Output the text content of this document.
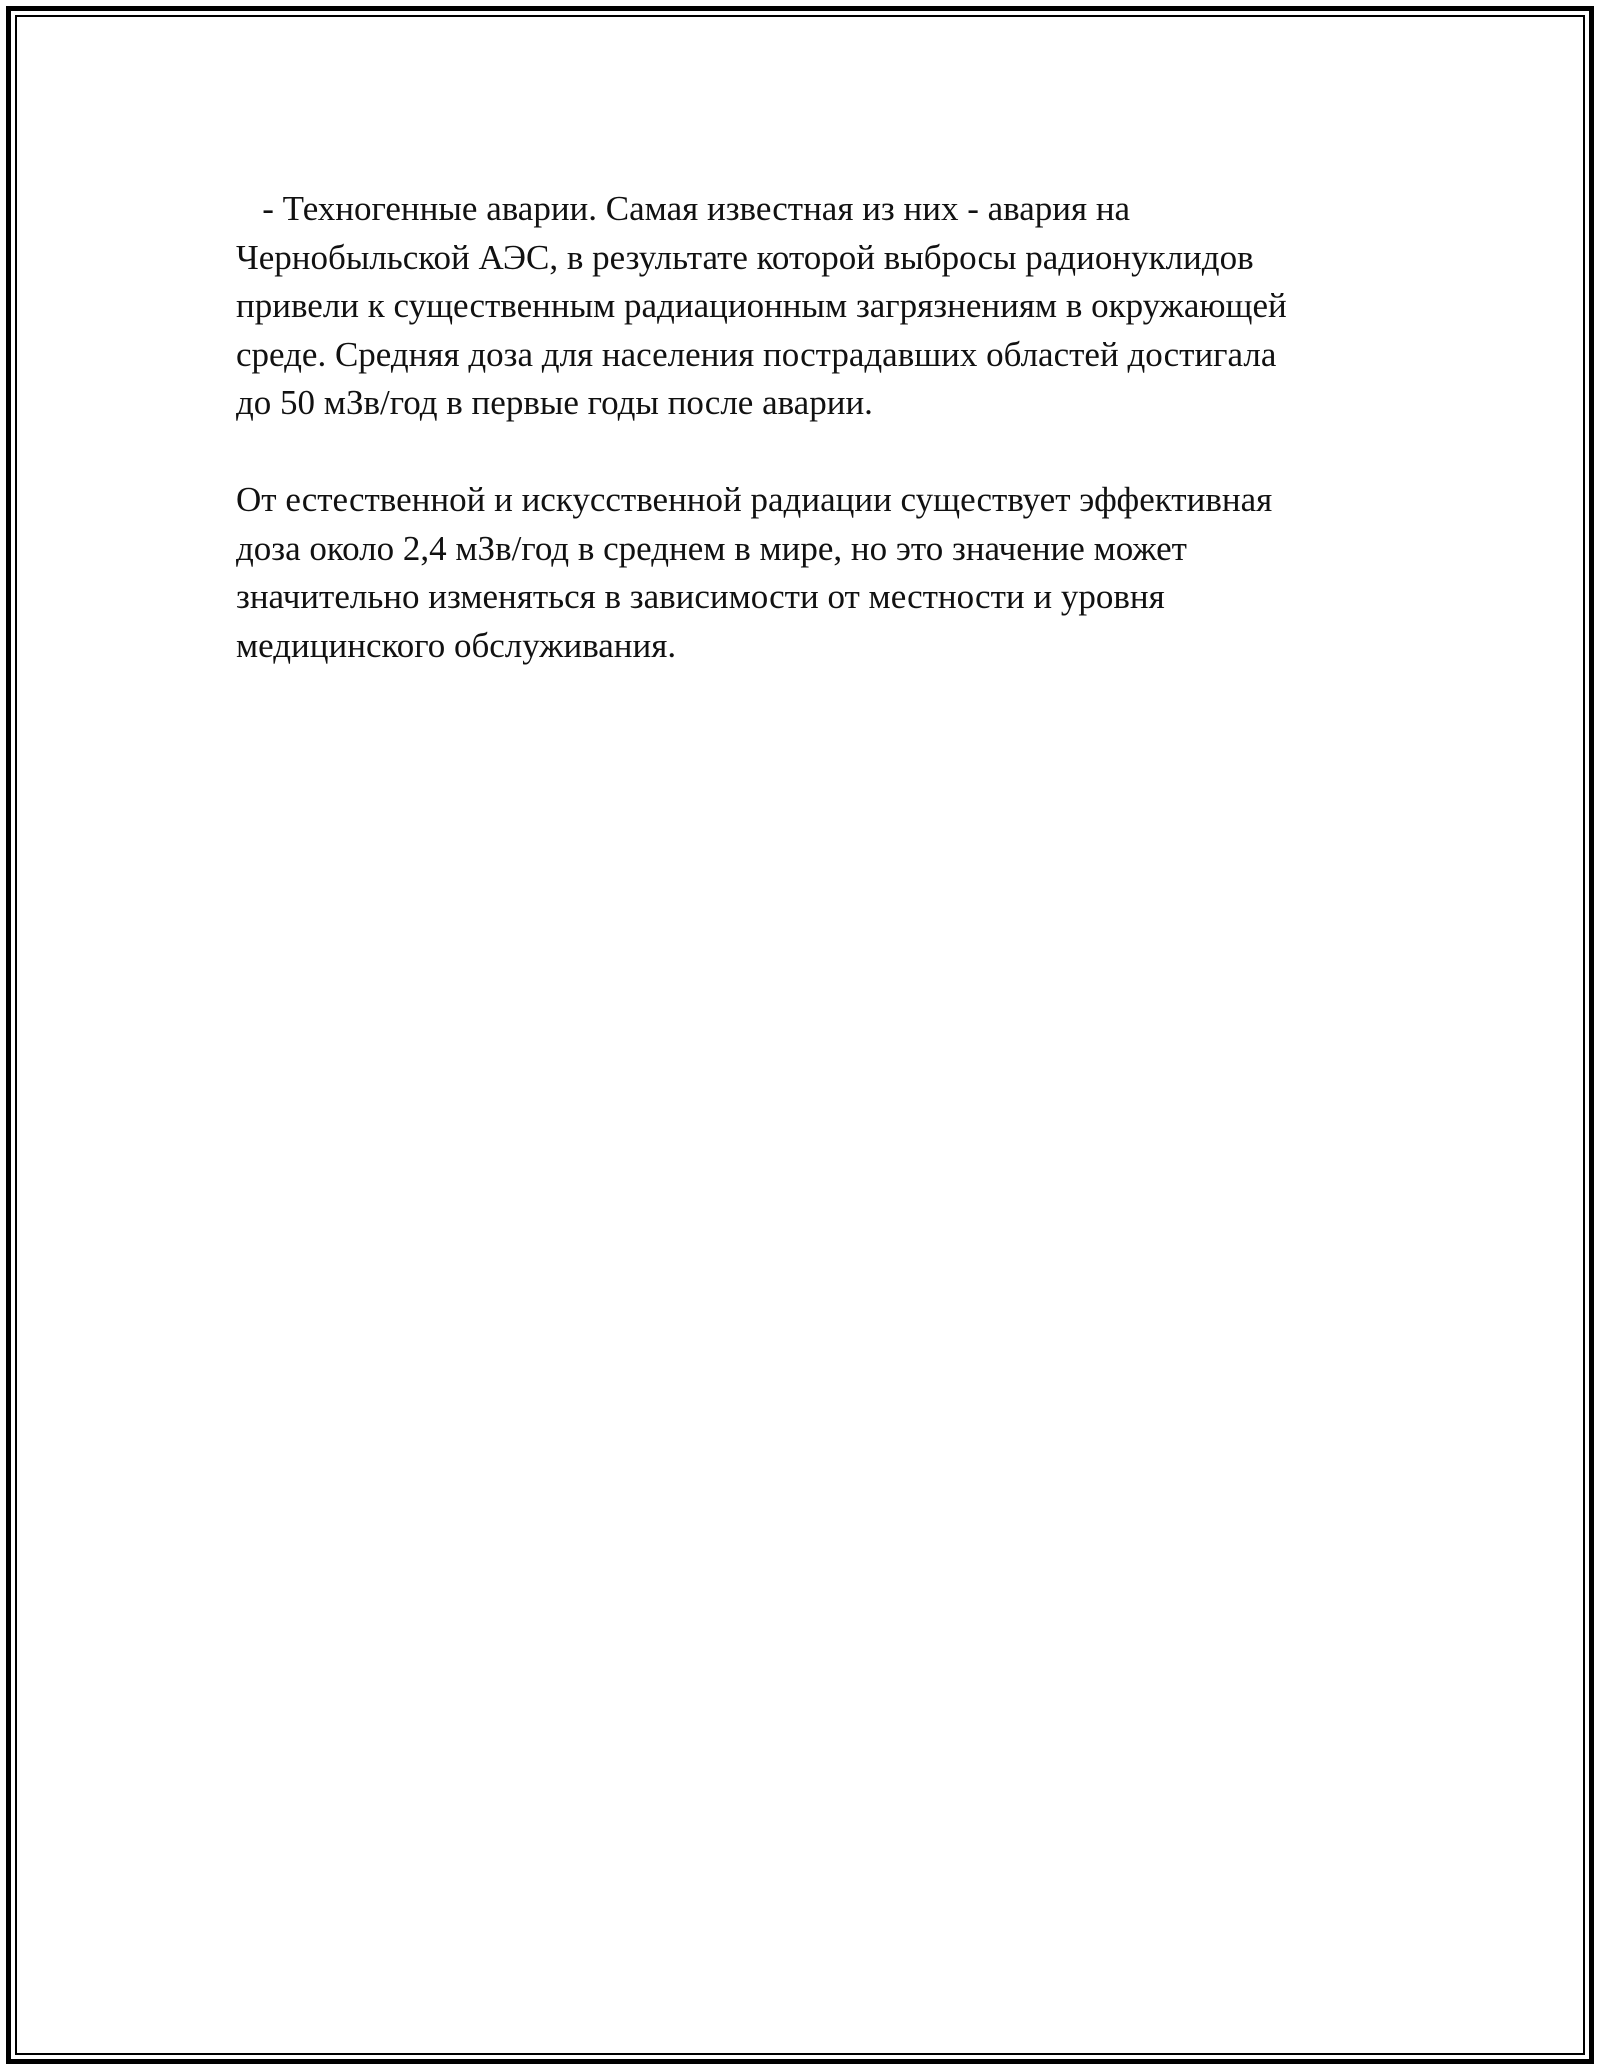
- Техногенные аварии. Самая известная из них - авария на
Чернобыльской АЭС, в результате которой выбросы радионуклидов
привели к существенным радиационным загрязнениям в окружающей
среде. Средняя доза для населения пострадавших областей достигала
до 50 мЗв/год в первые годы после аварии.

От естественной и искусственной радиации существует эффективная
доза около 2,4 мЗв/год в среднем в мире, но это значение может
значительно изменяться в зависимости от местности и уровня
медицинского обслуживания.
